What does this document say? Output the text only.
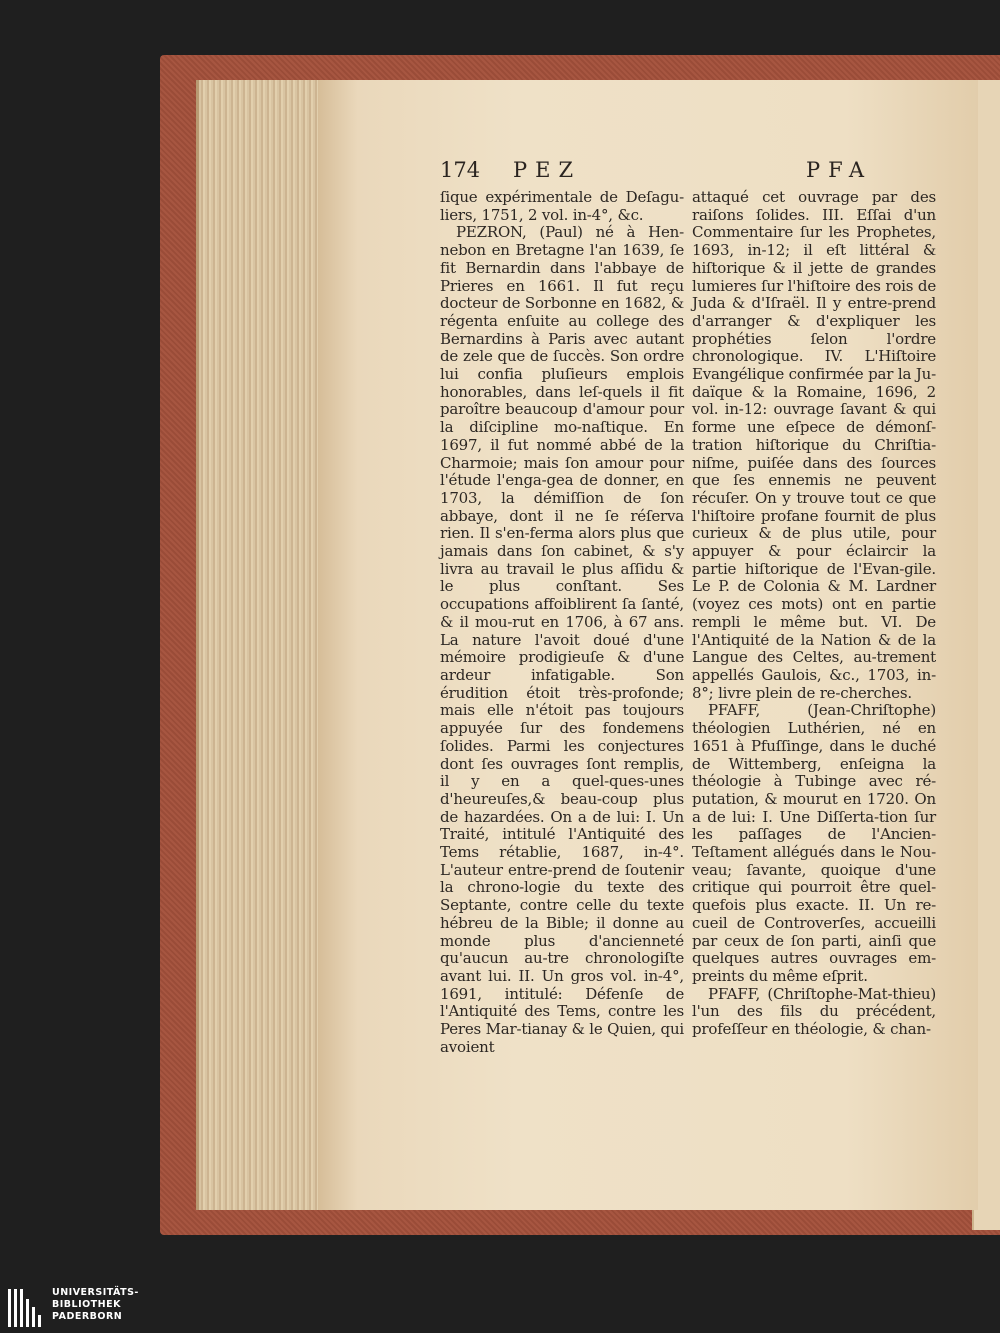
174 PEZ	PFA

ſique expérimentale de Deſagu-liers, 1751, 2 vol. in-4°, &c.

PEZRON, (Paul) né à Hen-nebon en Bretagne l'an 1639, ſe fit Bernardin dans l'abbaye de Prieres en 1661. Il fut reçu docteur de Sorbonne en 1682, & régenta enſuite au college des Bernardins à Paris avec autant de zele que de ſuccès. Son ordre lui confia pluſieurs emplois honorables, dans leſ-quels il fit paroître beaucoup d'amour pour la diſcipline mo-naſtique. En 1697, il fut nommé abbé de la Charmoie; mais ſon amour pour l'étude l'enga-gea de donner, en 1703, la démiſſion de ſon abbaye, dont il ne ſe réſerva rien. Il s'en-ferma alors plus que jamais dans ſon cabinet, & s'y livra au travail le plus aſſidu & le plus conſtant. Ses occupations affoiblirent ſa ſanté, & il mou-rut en 1706, à 67 ans. La nature l'avoit doué d'une mémoire prodigieuſe & d'une ardeur infatigable. Son érudition étoit très-profonde; mais elle n'étoit pas toujours appuyée ſur des fondemens ſolides. Parmi les conjectures dont ſes ouvrages ſont remplis, il y en a quel-ques-unes d'heureuſes,& beau-coup plus de hazardées. On a de lui: I. Un Traité, intitulé l'Antiquité des Tems rétablie, 1687, in-4°. L'auteur entre-prend de ſoutenir la chrono-logie du texte des Septante, contre celle du texte hébreu de la Bible; il donne au monde plus d'ancienneté qu'aucun au-tre chronologiſte avant lui. II. Un gros vol. in-4°, 1691, intitulé: Défenſe de l'Antiquité des Tems, contre les Peres Mar-tianay & le Quien, qui avoient

attaqué cet ouvrage par des raiſons ſolides. III. Eſſai d'un Commentaire ſur les Prophetes, 1693, in-12; il eſt littéral & hiſtorique & il jette de grandes lumieres ſur l'hiſtoire des rois de Juda & d'Iſraël. Il y entre-prend d'arranger & d'expliquer les prophéties ſelon l'ordre chronologique. IV. L'Hiſtoire Evangélique confirmée par la Ju-daïque & la Romaine, 1696, 2 vol. in-12: ouvrage ſavant & qui forme une eſpece de démonſ-tration hiſtorique du Chriſtia-niſme, puiſée dans des ſources que ſes ennemis ne peuvent récuſer. On y trouve tout ce que l'hiſtoire profane fournit de plus curieux & de plus utile, pour appuyer & pour éclaircir la partie hiſtorique de l'Evan-gile. Le P. de Colonia & M. Lardner (voyez ces mots) ont en partie rempli le même but. VI. De l'Antiquité de la Nation & de la Langue des Celtes, au-trement appellés Gaulois, &c., 1703, in-8°; livre plein de re-cherches.

PFAFF, (Jean-Chriſtophe) théologien Luthérien, né en 1651 à Pfuſſinge, dans le duché de Wittemberg, enſeigna la théologie à Tubinge avec ré-putation, & mourut en 1720. On a de lui: I. Une Diſſerta-tion ſur les paſſages de l'Ancien-Teſtament allégués dans le Nou-veau; ſavante, quoique d'une critique qui pourroit être quel-quefois plus exacte. II. Un re-cueil de Controverſes, accueilli par ceux de ſon parti, ainſi que quelques autres ouvrages em-preints du même eſprit.

PFAFF, (Chriſtophe-Mat-thieu) l'un des fils du précédent, profeſſeur en théologie, & chan-

UNIVERSITÄTS-
BIBLIOTHEK
PADERBORN
